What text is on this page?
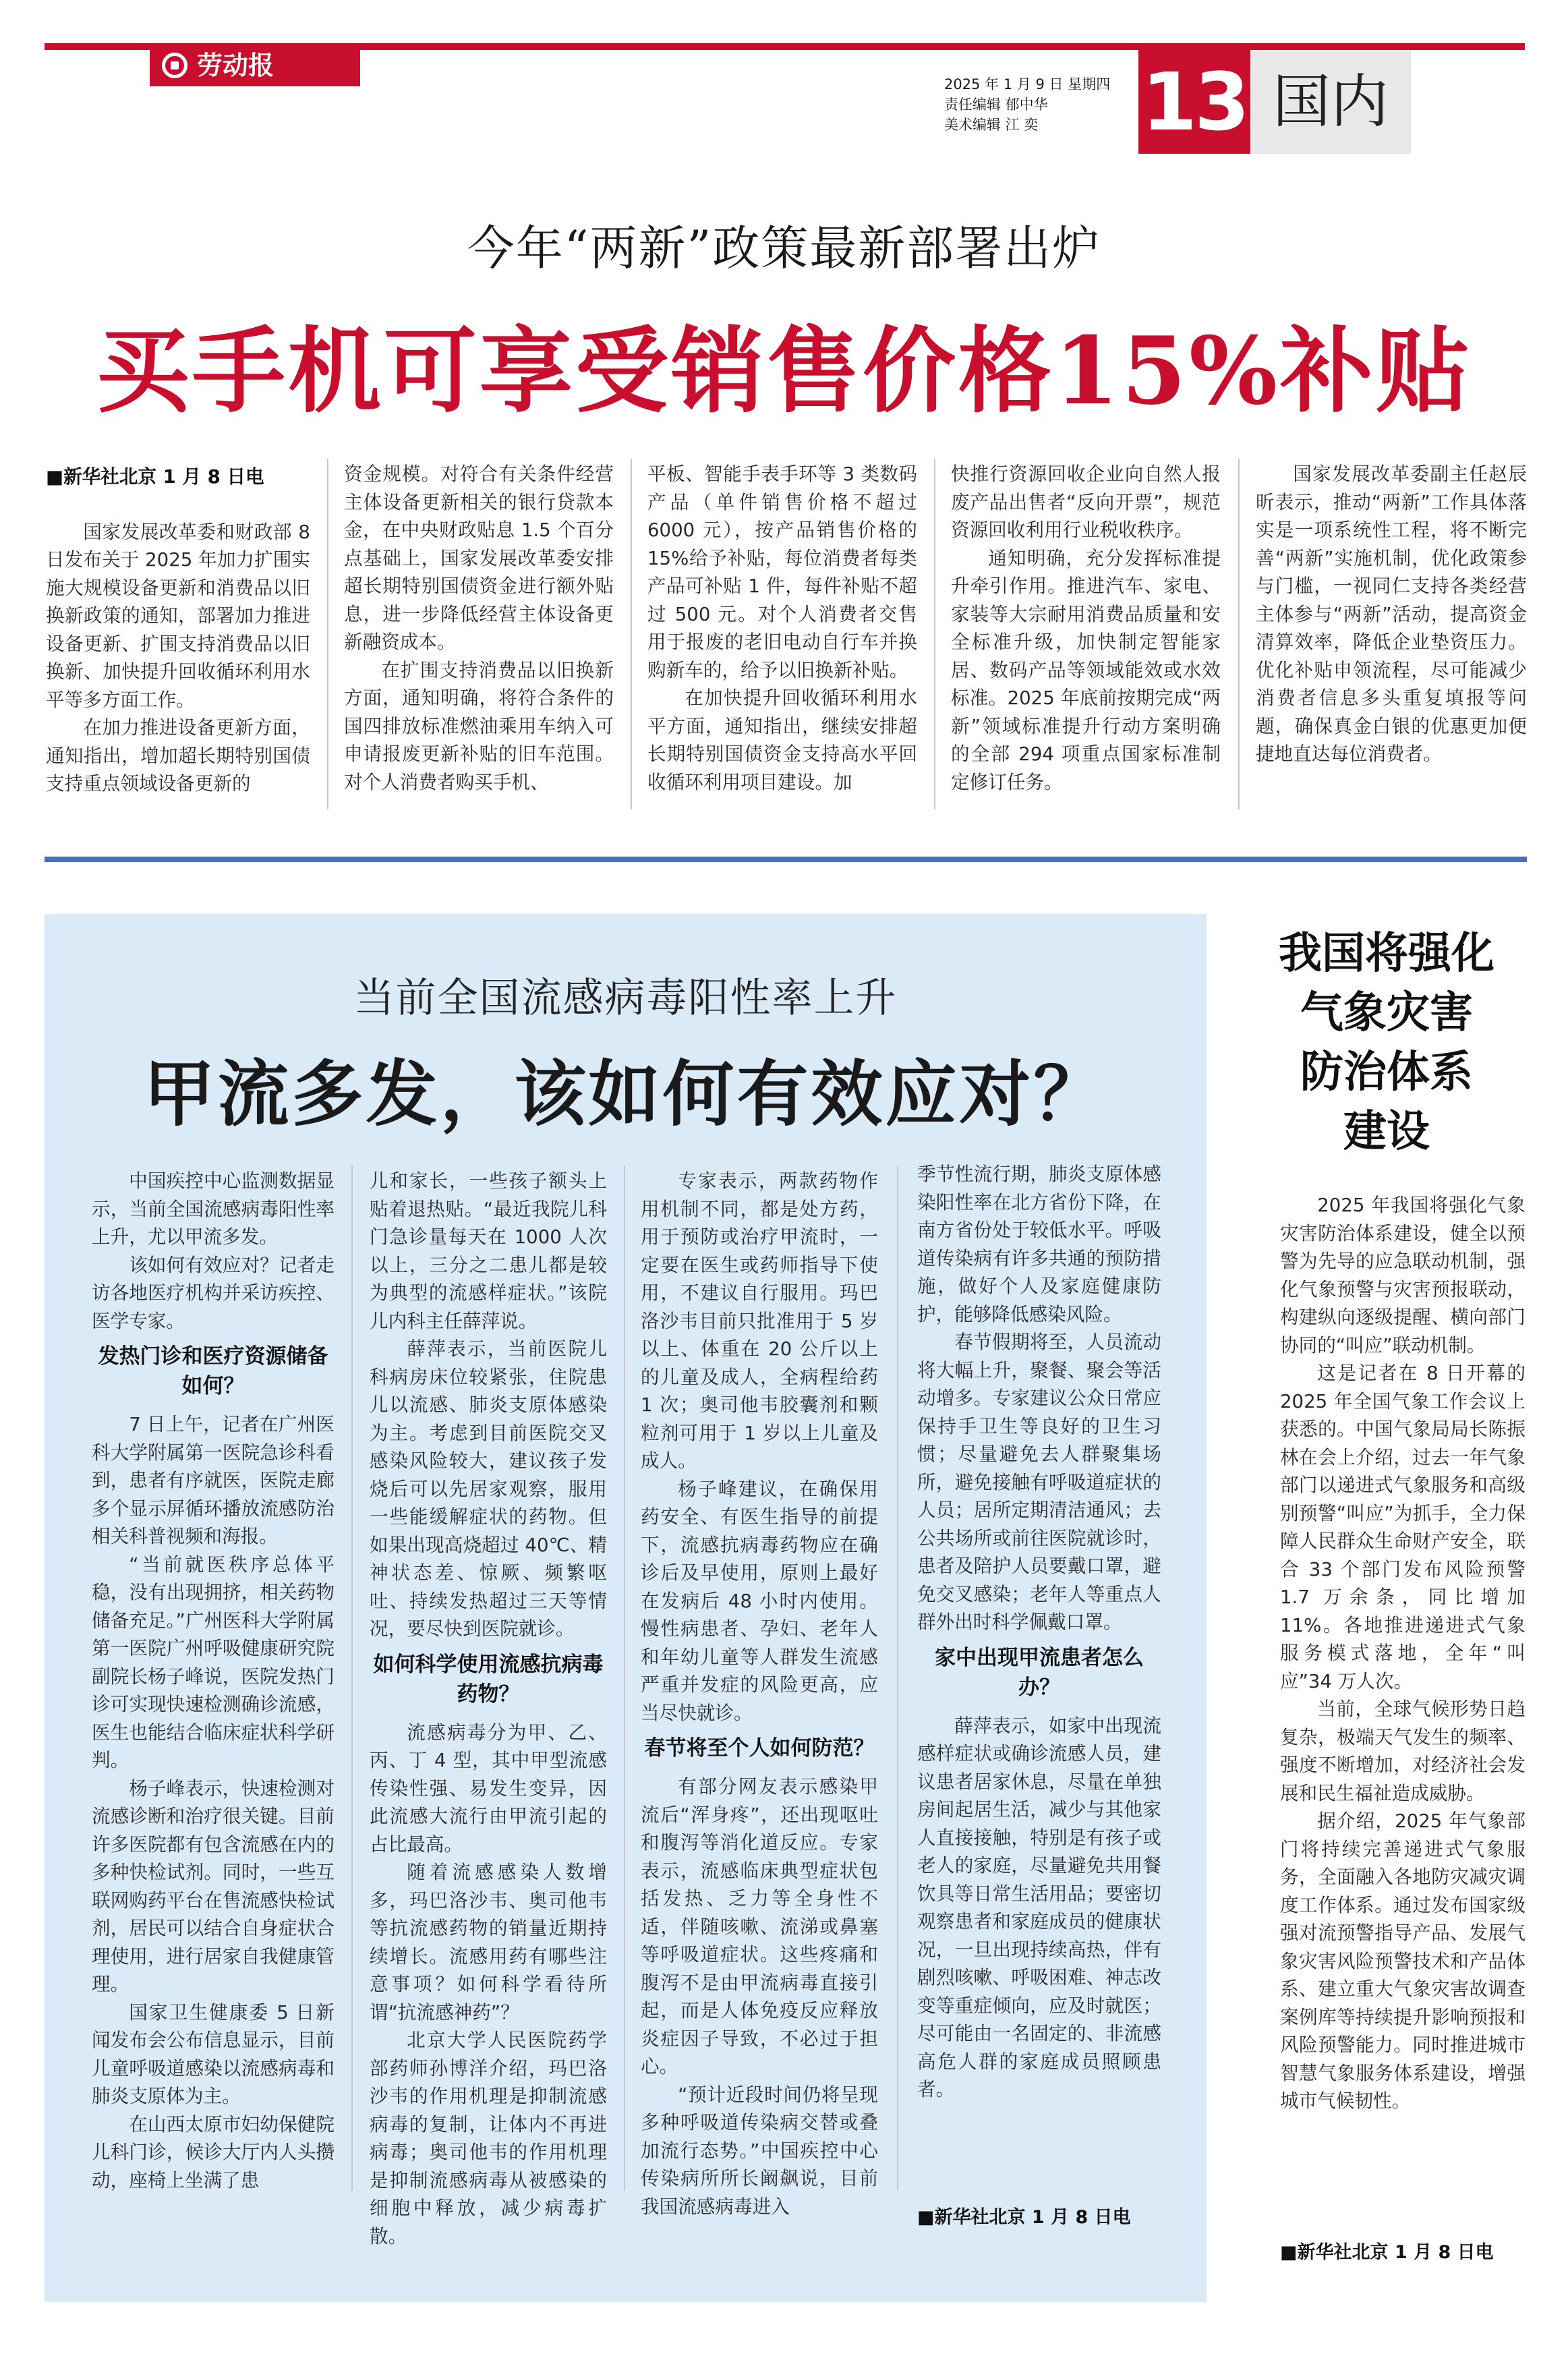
劳动报
2025 年 1 月 9 日 星期四
责任编辑 郁中华
美术编辑 江 奕	13 国内
今年“两新”政策最新部署出炉
买手机可享受销售价格15%补贴

■新华社北京 1 月 8 日电

国家发展改革委和财政部 8 日发布关于 2025 年加力扩围实施大规模设备更新和消费品以旧换新政策的通知，部署加力推进设备更新、扩围支持消费品以旧换新、加快提升回收循环利用水平等多方面工作。

在加力推进设备更新方面，通知指出，增加超长期特别国债支持重点领域设备更新的

资金规模。对符合有关条件经营主体设备更新相关的银行贷款本金，在中央财政贴息 1.5 个百分点基础上，国家发展改革委安排超长期特别国债资金进行额外贴息，进一步降低经营主体设备更新融资成本。

在扩围支持消费品以旧换新方面，通知明确，将符合条件的国四排放标准燃油乘用车纳入可申请报废更新补贴的旧车范围。对个人消费者购买手机、

平板、智能手表手环等 3 类数码产品（单件销售价格不超过 6000 元），按产品销售价格的 15%给予补贴，每位消费者每类产品可补贴 1 件，每件补贴不超过 500 元。对个人消费者交售用于报废的老旧电动自行车并换购新车的，给予以旧换新补贴。

在加快提升回收循环利用水平方面，通知指出，继续安排超长期特别国债资金支持高水平回收循环利用项目建设。加

快推行资源回收企业向自然人报废产品出售者“反向开票”，规范资源回收利用行业税收秩序。

通知明确，充分发挥标准提升牵引作用。推进汽车、家电、家装等大宗耐用消费品质量和安全标准升级，加快制定智能家居、数码产品等领域能效或水效标准。2025 年底前按期完成“两新”领域标准提升行动方案明确的全部 294 项重点国家标准制定修订任务。

国家发展改革委副主任赵辰昕表示，推动“两新”工作具体落实是一项系统性工程，将不断完善“两新”实施机制，优化政策参与门槛，一视同仁支持各类经营主体参与“两新”活动，提高资金清算效率，降低企业垫资压力。优化补贴申领流程，尽可能减少消费者信息多头重复填报等问题，确保真金白银的优惠更加便捷地直达每位消费者。

当前全国流感病毒阳性率上升
甲流多发，该如何有效应对？

中国疾控中心监测数据显示，当前全国流感病毒阳性率上升，尤以甲流多发。

该如何有效应对？记者走访各地医疗机构并采访疾控、医学专家。

发热门诊和医疗资源储备如何？

7 日上午，记者在广州医科大学附属第一医院急诊科看到，患者有序就医，医院走廊多个显示屏循环播放流感防治相关科普视频和海报。

“当前就医秩序总体平稳，没有出现拥挤，相关药物储备充足。”广州医科大学附属第一医院广州呼吸健康研究院副院长杨子峰说，医院发热门诊可实现快速检测确诊流感，医生也能结合临床症状科学研判。

杨子峰表示，快速检测对流感诊断和治疗很关键。目前许多医院都有包含流感在内的多种快检试剂。同时，一些互联网购药平台在售流感快检试剂，居民可以结合自身症状合理使用，进行居家自我健康管理。

国家卫生健康委 5 日新闻发布会公布信息显示，目前儿童呼吸道感染以流感病毒和肺炎支原体为主。

在山西太原市妇幼保健院儿科门诊，候诊大厅内人头攒动，座椅上坐满了患

儿和家长，一些孩子额头上贴着退热贴。“最近我院儿科门急诊量每天在 1000 人次以上，三分之二患儿都是较为典型的流感样症状。”该院儿内科主任薛萍说。

薛萍表示，当前医院儿科病房床位较紧张，住院患儿以流感、肺炎支原体感染为主。考虑到目前医院交叉感染风险较大，建议孩子发烧后可以先居家观察，服用一些能缓解症状的药物。但如果出现高烧超过 40℃、精神状态差、惊厥、频繁呕吐、持续发热超过三天等情况，要尽快到医院就诊。

如何科学使用流感抗病毒药物？

流感病毒分为甲、乙、丙、丁 4 型，其中甲型流感传染性强、易发生变异，因此流感大流行由甲流引起的占比最高。

随着流感感染人数增多，玛巴洛沙韦、奥司他韦等抗流感药物的销量近期持续增长。流感用药有哪些注意事项？如何科学看待所谓“抗流感神药”？

北京大学人民医院药学部药师孙博洋介绍，玛巴洛沙韦的作用机理是抑制流感病毒的复制，让体内不再进病毒；奥司他韦的作用机理是抑制流感病毒从被感染的细胞中释放，减少病毒扩散。

专家表示，两款药物作用机制不同，都是处方药，用于预防或治疗甲流时，一定要在医生或药师指导下使用，不建议自行服用。玛巴洛沙韦目前只批准用于 5 岁以上、体重在 20 公斤以上的儿童及成人，全病程给药 1 次；奥司他韦胶囊剂和颗粒剂可用于 1 岁以上儿童及成人。

杨子峰建议，在确保用药安全、有医生指导的前提下，流感抗病毒药物应在确诊后及早使用，原则上最好在发病后 48 小时内使用。慢性病患者、孕妇、老年人和年幼儿童等人群发生流感严重并发症的风险更高，应当尽快就诊。

春节将至个人如何防范？

有部分网友表示感染甲流后“浑身疼”，还出现呕吐和腹泻等消化道反应。专家表示，流感临床典型症状包括发热、乏力等全身性不适，伴随咳嗽、流涕或鼻塞等呼吸道症状。这些疼痛和腹泻不是由甲流病毒直接引起，而是人体免疫反应释放炎症因子导致，不必过于担心。

“预计近段时间仍将呈现多种呼吸道传染病交替或叠加流行态势。”中国疾控中心传染病所所长阚飙说，目前我国流感病毒进入

季节性流行期，肺炎支原体感染阳性率在北方省份下降，在南方省份处于较低水平。呼吸道传染病有许多共通的预防措施，做好个人及家庭健康防护，能够降低感染风险。

春节假期将至，人员流动将大幅上升，聚餐、聚会等活动增多。专家建议公众日常应保持手卫生等良好的卫生习惯；尽量避免去人群聚集场所，避免接触有呼吸道症状的人员；居所定期清洁通风；去公共场所或前往医院就诊时，患者及陪护人员要戴口罩，避免交叉感染；老年人等重点人群外出时科学佩戴口罩。

家中出现甲流患者怎么办？

薛萍表示，如家中出现流感样症状或确诊流感人员，建议患者居家休息，尽量在单独房间起居生活，减少与其他家人直接接触，特别是有孩子或老人的家庭，尽量避免共用餐饮具等日常生活用品；要密切观察患者和家庭成员的健康状况，一旦出现持续高热，伴有剧烈咳嗽、呼吸困难、神志改变等重症倾向，应及时就医；尽可能由一名固定的、非流感高危人群的家庭成员照顾患者。

■新华社北京 1 月 8 日电
我国将强化
气象灾害
防治体系
建设

2025 年我国将强化气象灾害防治体系建设，健全以预警为先导的应急联动机制，强化气象预警与灾害预报联动，构建纵向逐级提醒、横向部门协同的“叫应”联动机制。

这是记者在 8 日开幕的 2025 年全国气象工作会议上获悉的。中国气象局局长陈振林在会上介绍，过去一年气象部门以递进式气象服务和高级别预警“叫应”为抓手，全力保障人民群众生命财产安全，联合 33 个部门发布风险预警 1.7 万余条，同比增加 11%。各地推进递进式气象服务模式落地，全年“叫应”34 万人次。

当前，全球气候形势日趋复杂，极端天气发生的频率、强度不断增加，对经济社会发展和民生福祉造成威胁。

据介绍，2025 年气象部门将持续完善递进式气象服务，全面融入各地防灾减灾调度工作体系。通过发布国家级强对流预警指导产品、发展气象灾害风险预警技术和产品体系、建立重大气象灾害故调查案例库等持续提升影响预报和风险预警能力。同时推进城市智慧气象服务体系建设，增强城市气候韧性。

■新华社北京 1 月 8 日电
